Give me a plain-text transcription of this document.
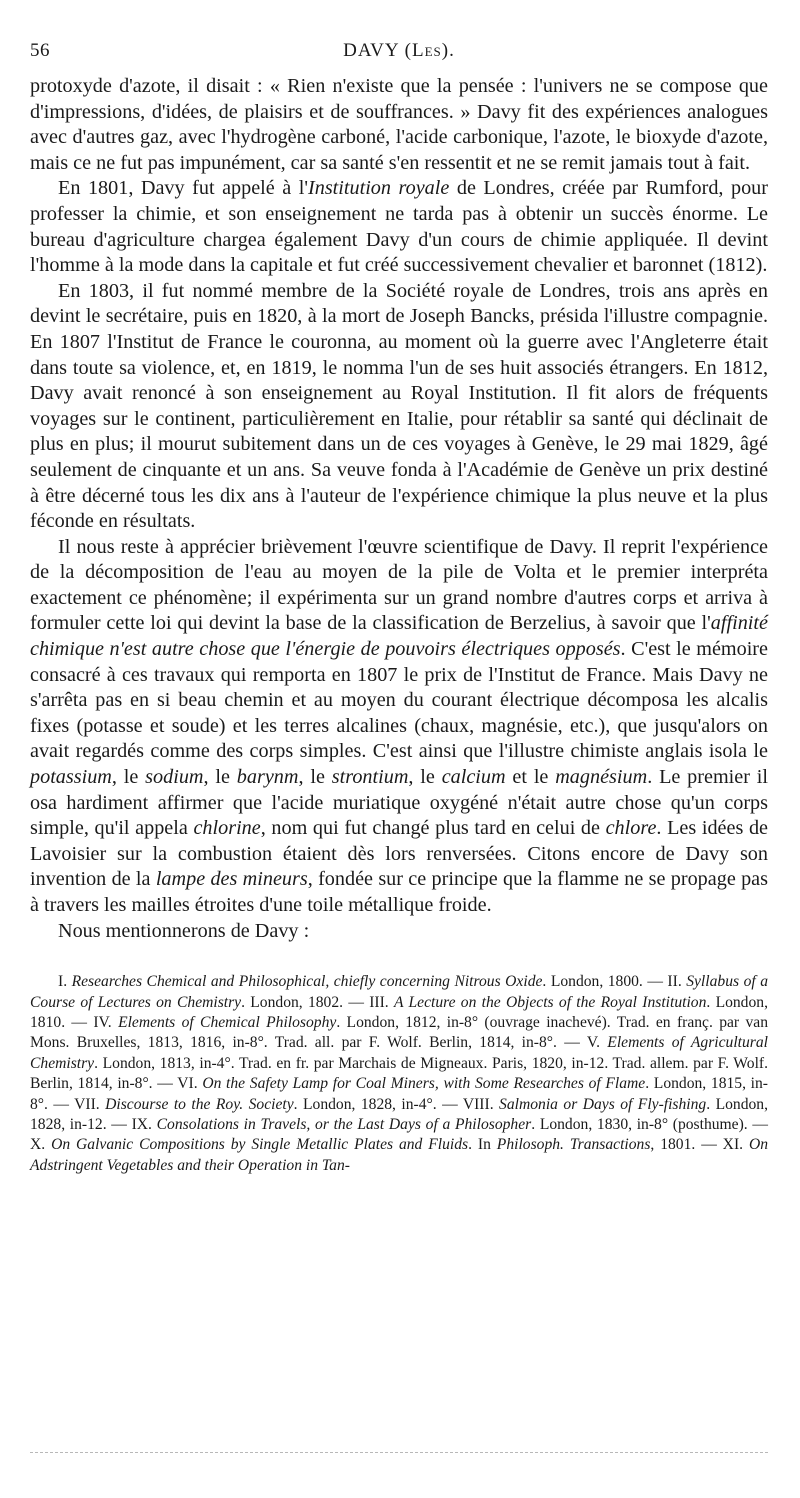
56	DAVY (Les).

protoxyde d'azote, il disait : « Rien n'existe que la pensée : l'univers ne se compose que d'impressions, d'idées, de plaisirs et de souffrances. » Davy fit des expériences analogues avec d'autres gaz, avec l'hydrogène carboné, l'acide carbonique, l'azote, le bioxyde d'azote, mais ce ne fut pas impunément, car sa santé s'en ressentit et ne se remit jamais tout à fait.

En 1801, Davy fut appelé à l'Institution royale de Londres, créée par Rumford, pour professer la chimie, et son enseignement ne tarda pas à obtenir un succès énorme. Le bureau d'agriculture chargea également Davy d'un cours de chimie appliquée. Il devint l'homme à la mode dans la capitale et fut créé successivement chevalier et baronnet (1812).

En 1803, il fut nommé membre de la Société royale de Londres, trois ans après en devint le secrétaire, puis en 1820, à la mort de Joseph Bancks, présida l'illustre compagnie. En 1807 l'Institut de France le couronna, au moment où la guerre avec l'Angleterre était dans toute sa violence, et, en 1819, le nomma l'un de ses huit associés étrangers. En 1812, Davy avait renoncé à son enseignement au Royal Institution. Il fit alors de fréquents voyages sur le continent, particulièrement en Italie, pour rétablir sa santé qui déclinait de plus en plus; il mourut subitement dans un de ces voyages à Genève, le 29 mai 1829, âgé seulement de cinquante et un ans. Sa veuve fonda à l'Académie de Genève un prix destiné à être décerné tous les dix ans à l'auteur de l'expérience chimique la plus neuve et la plus féconde en résultats.

Il nous reste à apprécier brièvement l'œuvre scientifique de Davy. Il reprit l'expérience de la décomposition de l'eau au moyen de la pile de Volta et le premier interpréta exactement ce phénomène; il expérimenta sur un grand nombre d'autres corps et arriva à formuler cette loi qui devint la base de la classification de Berzelius, à savoir que l'affinité chimique n'est autre chose que l'énergie de pouvoirs électriques opposés. C'est le mémoire consacré à ces travaux qui remporta en 1807 le prix de l'Institut de France. Mais Davy ne s'arrêta pas en si beau chemin et au moyen du courant électrique décomposa les alcalis fixes (potasse et soude) et les terres alcalines (chaux, magnésie, etc.), que jusqu'alors on avait regardés comme des corps simples. C'est ainsi que l'illustre chimiste anglais isola le potassium, le sodium, le barynm, le strontium, le calcium et le magnésium. Le premier il osa hardiment affirmer que l'acide muriatique oxygéné n'était autre chose qu'un corps simple, qu'il appela chlorine, nom qui fut changé plus tard en celui de chlore. Les idées de Lavoisier sur la combustion étaient dès lors renversées. Citons encore de Davy son invention de la lampe des mineurs, fondée sur ce principe que la flamme ne se propage pas à travers les mailles étroites d'une toile métallique froide.

Nous mentionnerons de Davy :

I. Researches Chemical and Philosophical, chiefly concerning Nitrous Oxide. London, 1800. — II. Syllabus of a Course of Lectures on Chemistry. London, 1802. — III. A Lecture on the Objects of the Royal Institution. London, 1810. — IV. Elements of Chemical Philosophy. London, 1812, in-8° (ouvrage inachevé). Trad. en franç. par van Mons. Bruxelles, 1813, 1816, in-8°. Trad. all. par F. Wolf. Berlin, 1814, in-8°. — V. Elements of Agricultural Chemistry. London, 1813, in-4°. Trad. en fr. par Marchais de Migneaux. Paris, 1820, in-12. Trad. allem. par F. Wolf. Berlin, 1814, in-8°. — VI. On the Safety Lamp for Coal Miners, with Some Researches of Flame. London, 1815, in-8°. — VII. Discourse to the Roy. Society. London, 1828, in-4°. — VIII. Salmonia or Days of Fly-fishing. London, 1828, in-12. — IX. Consolations in Travels, or the Last Days of a Philosopher. London, 1830, in-8° (posthume). — X. On Galvanic Compositions by Single Metallic Plates and Fluids. In Philosoph. Transactions, 1801. — XI. On Adstringent Vegetables and their Operation in Tan-
